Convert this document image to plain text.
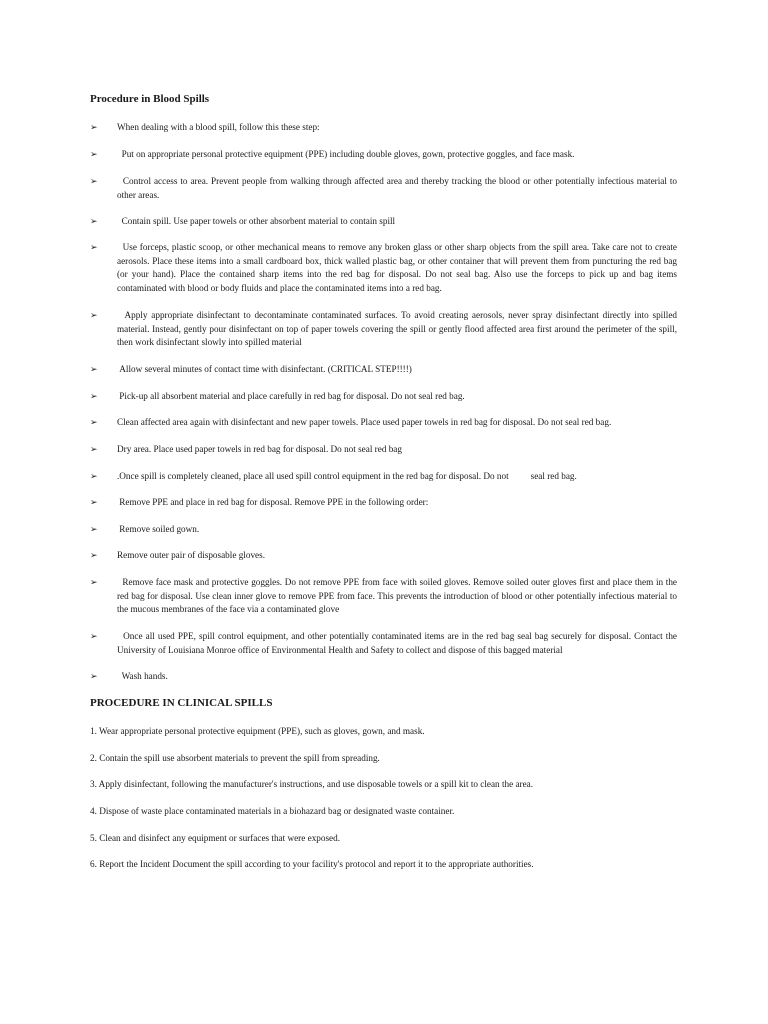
Procedure in Blood Spills
➢	When dealing with a blood spill, follow this these step:
➢	Put on appropriate personal protective equipment (PPE) including double gloves, gown, protective goggles, and face mask.
➢	Control access to area. Prevent people from walking through affected area and thereby tracking the blood or other potentially infectious material to other areas.
➢	Contain spill. Use paper towels or other absorbent material to contain spill
➢	Use forceps, plastic scoop, or other mechanical means to remove any broken glass or other sharp objects from the spill area. Take care not to create aerosols. Place these items into a small cardboard box, thick walled plastic bag, or other container that will prevent them from puncturing the red bag (or your hand). Place the contained sharp items into the red bag for disposal. Do not seal bag. Also use the forceps to pick up and bag items contaminated with blood or body fluids and place the contaminated items into a red bag.
➢	Apply appropriate disinfectant to decontaminate contaminated surfaces. To avoid creating aerosols, never spray disinfectant directly into spilled material. Instead, gently pour disinfectant on top of paper towels covering the spill or gently flood affected area first around the perimeter of the spill, then work disinfectant slowly into spilled material
➢	Allow several minutes of contact time with disinfectant. (CRITICAL STEP!!!!)
➢	Pick-up all absorbent material and place carefully in red bag for disposal. Do not seal red bag.
➢	Clean affected area again with disinfectant and new paper towels. Place used paper towels in red bag for disposal. Do not seal red bag.
➢	Dry area. Place used paper towels in red bag for disposal. Do not seal red bag
➢	.Once spill is completely cleaned, place all used spill control equipment in the red bag for disposal. Do not seal red bag.
➢	Remove PPE and place in red bag for disposal. Remove PPE in the following order:
➢	Remove soiled gown.
➢	Remove outer pair of disposable gloves.
➢	Remove face mask and protective goggles. Do not remove PPE from face with soiled gloves. Remove soiled outer gloves first and place them in the red bag for disposal. Use clean inner glove to remove PPE from face. This prevents the introduction of blood or other potentially infectious material to the mucous membranes of the face via a contaminated glove
➢	Once all used PPE, spill control equipment, and other potentially contaminated items are in the red bag seal bag securely for disposal. Contact the University of Louisiana Monroe office of Environmental Health and Safety to collect and dispose of this bagged material
➢	Wash hands.
PROCEDURE IN CLINICAL SPILLS
1. Wear appropriate personal protective equipment (PPE), such as gloves, gown, and mask.
2. Contain the spill use absorbent materials to prevent the spill from spreading.
3. Apply disinfectant, following the manufacturer's instructions, and use disposable towels or a spill kit to clean the area.
4. Dispose of waste place contaminated materials in a biohazard bag or designated waste container.
5. Clean and disinfect any equipment or surfaces that were exposed.
6. Report the Incident Document the spill according to your facility's protocol and report it to the appropriate authorities.
